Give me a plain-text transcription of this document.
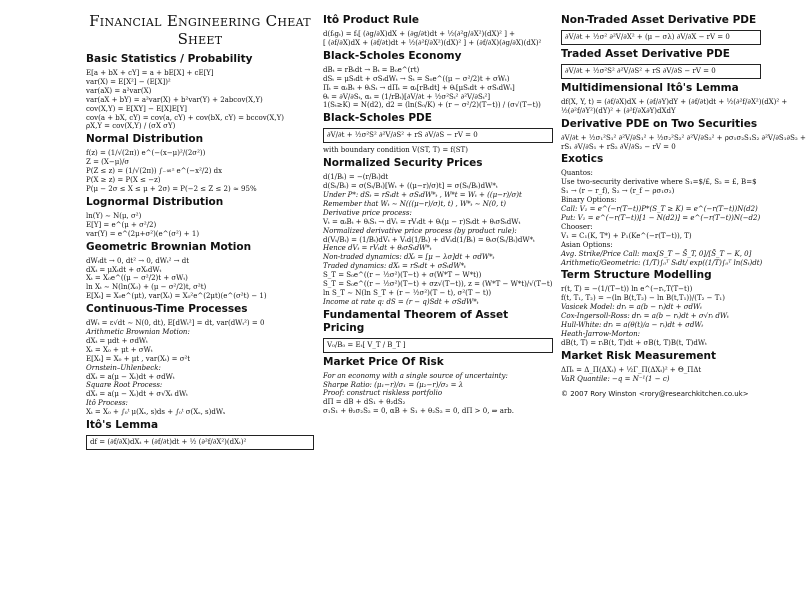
Financial Engineering Cheat Sheet
Basic Statistics / Probability
E[a + bX + cY] = a + bE[X] + cE[Y]
var(X) = E[X²] − (E[X])²
var(aX) = a²var(X)
var(aX + bY) = a²var(X) + b²var(Y) + 2abcov(X,Y)
cov(X,Y) = E[XY] − E[X]E[Y]
cov(a + bX, cY) = cov(a, cY) + cov(bX, cY) = bccov(X,Y)
ρX,Y = cov(X,Y) / (σX σY)
Normal Distribution
f(z) = (1/√(2π)) e^(−(x−μ)²/(2σ²))
Z = (X−μ)/σ
P(Z ≤ z) = (1/√(2π)) ∫₋∞ᶻ e^(−x²/2) dx
P(X ≥ z) = P(X ≤ −z)
P(μ − 2σ ≤ X ≤ μ + 2σ) = P(−2 ≤ Z ≤ 2) ≈ 95%
Lognormal Distribution
ln(Y) ∼ N(μ, σ²)
E[Y] = e^(μ + σ²/2)
var(Y) = e^(2μ+σ²)(e^(σ²) + 1)
Geometric Brownian Motion
dWₜdt → 0, dt² → 0, dWₜ² → dt
dXₜ = μXₜdt + σXₜdWₜ
Xₜ = X₀e^((μ − σ²/2)t + σWₜ)
ln Xₜ ∼ N(ln(X₀) + (μ − σ²/2)t, σ²t)
E[Xₜ] = X₀e^(μt), var(Xₜ) = X₀²e^(2μt)(e^(σ²t) − 1)
Continuous-Time Processes
dWₜ = ε√dt ∼ N(0, dt), E[dWₜ²] = dt, var(dWₜ²) = 0
Arithmetic Brownian Motion:
dXₜ = μdt + σdWₜ
Xₜ = X₀ + μt + σWₜ
E[Xₜ] = X₀ + μt , var(Xₜ) = σ²t
Ornstein–Uhlenbeck:
dXₜ = a(μ − Xₜ)dt + σdWₜ
Square Root Process:
dXₜ = a(μ − Xₜ)dt + σ√Xₜ dWₜ
Itô Process:
Xₜ = X₀ + ∫₀ᵗ μ(Xₛ, s)ds + ∫₀ᵗ σ(Xₛ, s)dWₛ
Itô's Lemma
df = (∂f/∂X)dXₜ + (∂f/∂t)dt + ½ (∂²f/∂X²)(dXₜ)²
Itô Product Rule
d(fₜgₜ) = fₜ[ (∂g/∂X)dX + (∂g/∂t)dt + ½(∂²g/∂X²)(dX)² ] +
[ (∂f/∂X)dX + (∂f/∂t)dt + ½(∂²f/∂X²)(dX)² ] + (∂f/∂X)(∂g/∂X)(dX)²
Black-Scholes Economy
dBₜ = rBₜdt → Bₜ = B₀e^(rt)
dSₜ = μSₜdt + σSₜdWₜ → Sₜ = S₀e^((μ − σ²/2)t + σWₜ)
Πₜ = αₜBₜ + θₜSₜ → dΠₜ = αₜ[rBₜdt] + θₜ[μSₜdt + σSₜdWₜ]
θₜ = ∂V/∂Sₜ, αₜ = (1/rBₜ)[∂V/∂t + ½σ²Sₜ² ∂²V/∂Sₜ²]
1(Sₜ≥K) = N(d2), d2 = (ln(S₀/K) + (r − σ²/2)(T−t)) / (σ√(T−t))
Black-Scholes PDE
∂V/∂t + ½σ²S² ∂²V/∂S² + rS ∂V/∂S − rV = 0
with boundary condition V(ST, T) = f(ST)
Normalized Security Prices
d(1/Bₜ) = −(r/Bₜ)dt
d(Sₜ/Bₜ) = σ(Sₜ/Bₜ)[Wₜ + ((μ−r)/σ)t] = σ(Sₜ/Bₜ)dW*ₜ
Under P*: dSₜ = rSₜdt + σSₜdW*ₜ , W*t = Wₜ + ((μ−r)/σ)t
Remember that Wₜ ∼ N(((μ−r)/σ)t, t) , W*ₜ ∼ N(0, t)
Derivative price process:
Vₜ = αₜBₜ + θₜSₜ → dVₜ = rVₜdt + θₜ(μ − r)Sₜdt + θₜσSₜdWₜ
Normalized derivative price process (by product rule):
d(Vₜ/Bₜ) = (1/Bₜ)dVₜ + Vₜd(1/Bₜ) + dVₜd(1/Bₜ) = θₜσ(Sₜ/Bₜ)dW*ₜ
Hence dVₜ = rVₜdt + θₜσSₜdW*ₜ
Non-traded dynamics: dXₜ = [μ − λσ]dt + σdW*ₜ
Traded dynamics: dXₜ = rSₜdt + σSₜdW*ₜ
S_T = S₀e^((r − ½σ²)(T−t) + σ(W*T − W*t))
S_T = S₀e^((r − ½σ²)(T−t) + σz√(T−t)), z = (W*T − W*t)/√(T−t)
ln S_T ∼ N(ln S_T + (r − ½σ²)(T − t), σ²(T − t))
Income at rate q: dS = (r − q)Sdt + σSdW*ₜ
Fundamental Theorem of Asset Pricing
V₀/B₀ = Eₜ[ V_T / B_T ]
Market Price Of Risk
For an economy with a single source of uncertainty:
Sharpe Ratio: (μ₁−r)/σ₁ = (μ₂−r)/σ₂ = λ
Proof: construct riskless portfolio
dΠ = dB + dS₁ + θ₂dS₂
σ₁S₁ + θ₂σ₂S₂ = 0, αB + S₁ + θ₂S₂ = 0, dΠ > 0, ⇒ arb.
Non-Traded Asset Derivative PDE
∂V/∂t + ½σ² ∂²V/∂X² + (μ − σλ) ∂V/∂X − rV = 0
Traded Asset Derivative PDE
∂V/∂t + ½σ²S² ∂²V/∂S² + rS ∂V/∂S − rV = 0
Multidimensional Itô's Lemma
df(X, Y, t) = (∂f/∂X)dX + (∂f/∂Y)dY + (∂f/∂t)dt + ½(∂²f/∂X²)(dX)² +
½(∂²f/∂Y²)(dY)² + (∂²f/∂X∂Y)dXdY
Derivative PDE on Two Securities
∂V/∂t + ½σ₁²S₁² ∂²V/∂S₁² + ½σ₂²S₂² ∂²V/∂S₂² + ρσ₁σ₂S₁S₂ ∂²V/∂S₁∂S₂ +
rS₁ ∂V/∂S₁ + rS₂ ∂V/∂S₂ − rV = 0
Exotics
Quantos:
Use two-security derivative where S₁=$/£, S₂ = £, B=$
S₁ → (r − r_f), S₂ → (r_f − ρσ₁σ₂)
Binary Options:
Call: V₁ = e^(−r(T−t))P*(S_T ≥ K) = e^(−r(T−t))N(d2)
Put: V₁ = e^(−r(T−t))[1 − N(d2)] = e^(−r(T−t))N(−d2)
Chooser:
V₁ = C₁(K, T*) + P₁(Ke^(−r(T−t)), T)
Asian Options:
Avg. Strike/Price Call: max[S_T − S̄_T, 0]/[S̄_T − K, 0]
Arithmetic/Geometric: (1/T)∫₀ᵀ Sₜdt/ exp((1/T)∫₀ᵀ ln(Sₜ)dt)
Term Structure Modelling
r(t, T) = −(1/(T−t)) ln e^(−rₜ,T(T−t))
f(t, T₁, T₂) = −(ln B(t,T₂) − ln B(t,T₁))/(T₂ − T₁)
Vasicek Model: drₜ = a(b − rₜ)dt + σdWₜ
Cox-Ingersoll-Ross: drₜ = a(b − rₜ)dt + σ√rₜ dWₜ
Hull-White: drₜ = a(θ(t)/a − rₜ)dt + σdWₜ
Heath-Jarrow-Morton:
dB(t, T) = rₜB(t, T)dt + σB(t, T)B(t, T)dWₜ
Market Risk Measurement
ΔΠₜ = Δ_Π(ΔXₜ) + ½Γ_Π(ΔXₜ)² + Θ_ΠΔt
VaR Quantile: −q = N⁻¹(1 − c)
© 2007 Rory Winston <rory@researchkitchen.co.uk>
